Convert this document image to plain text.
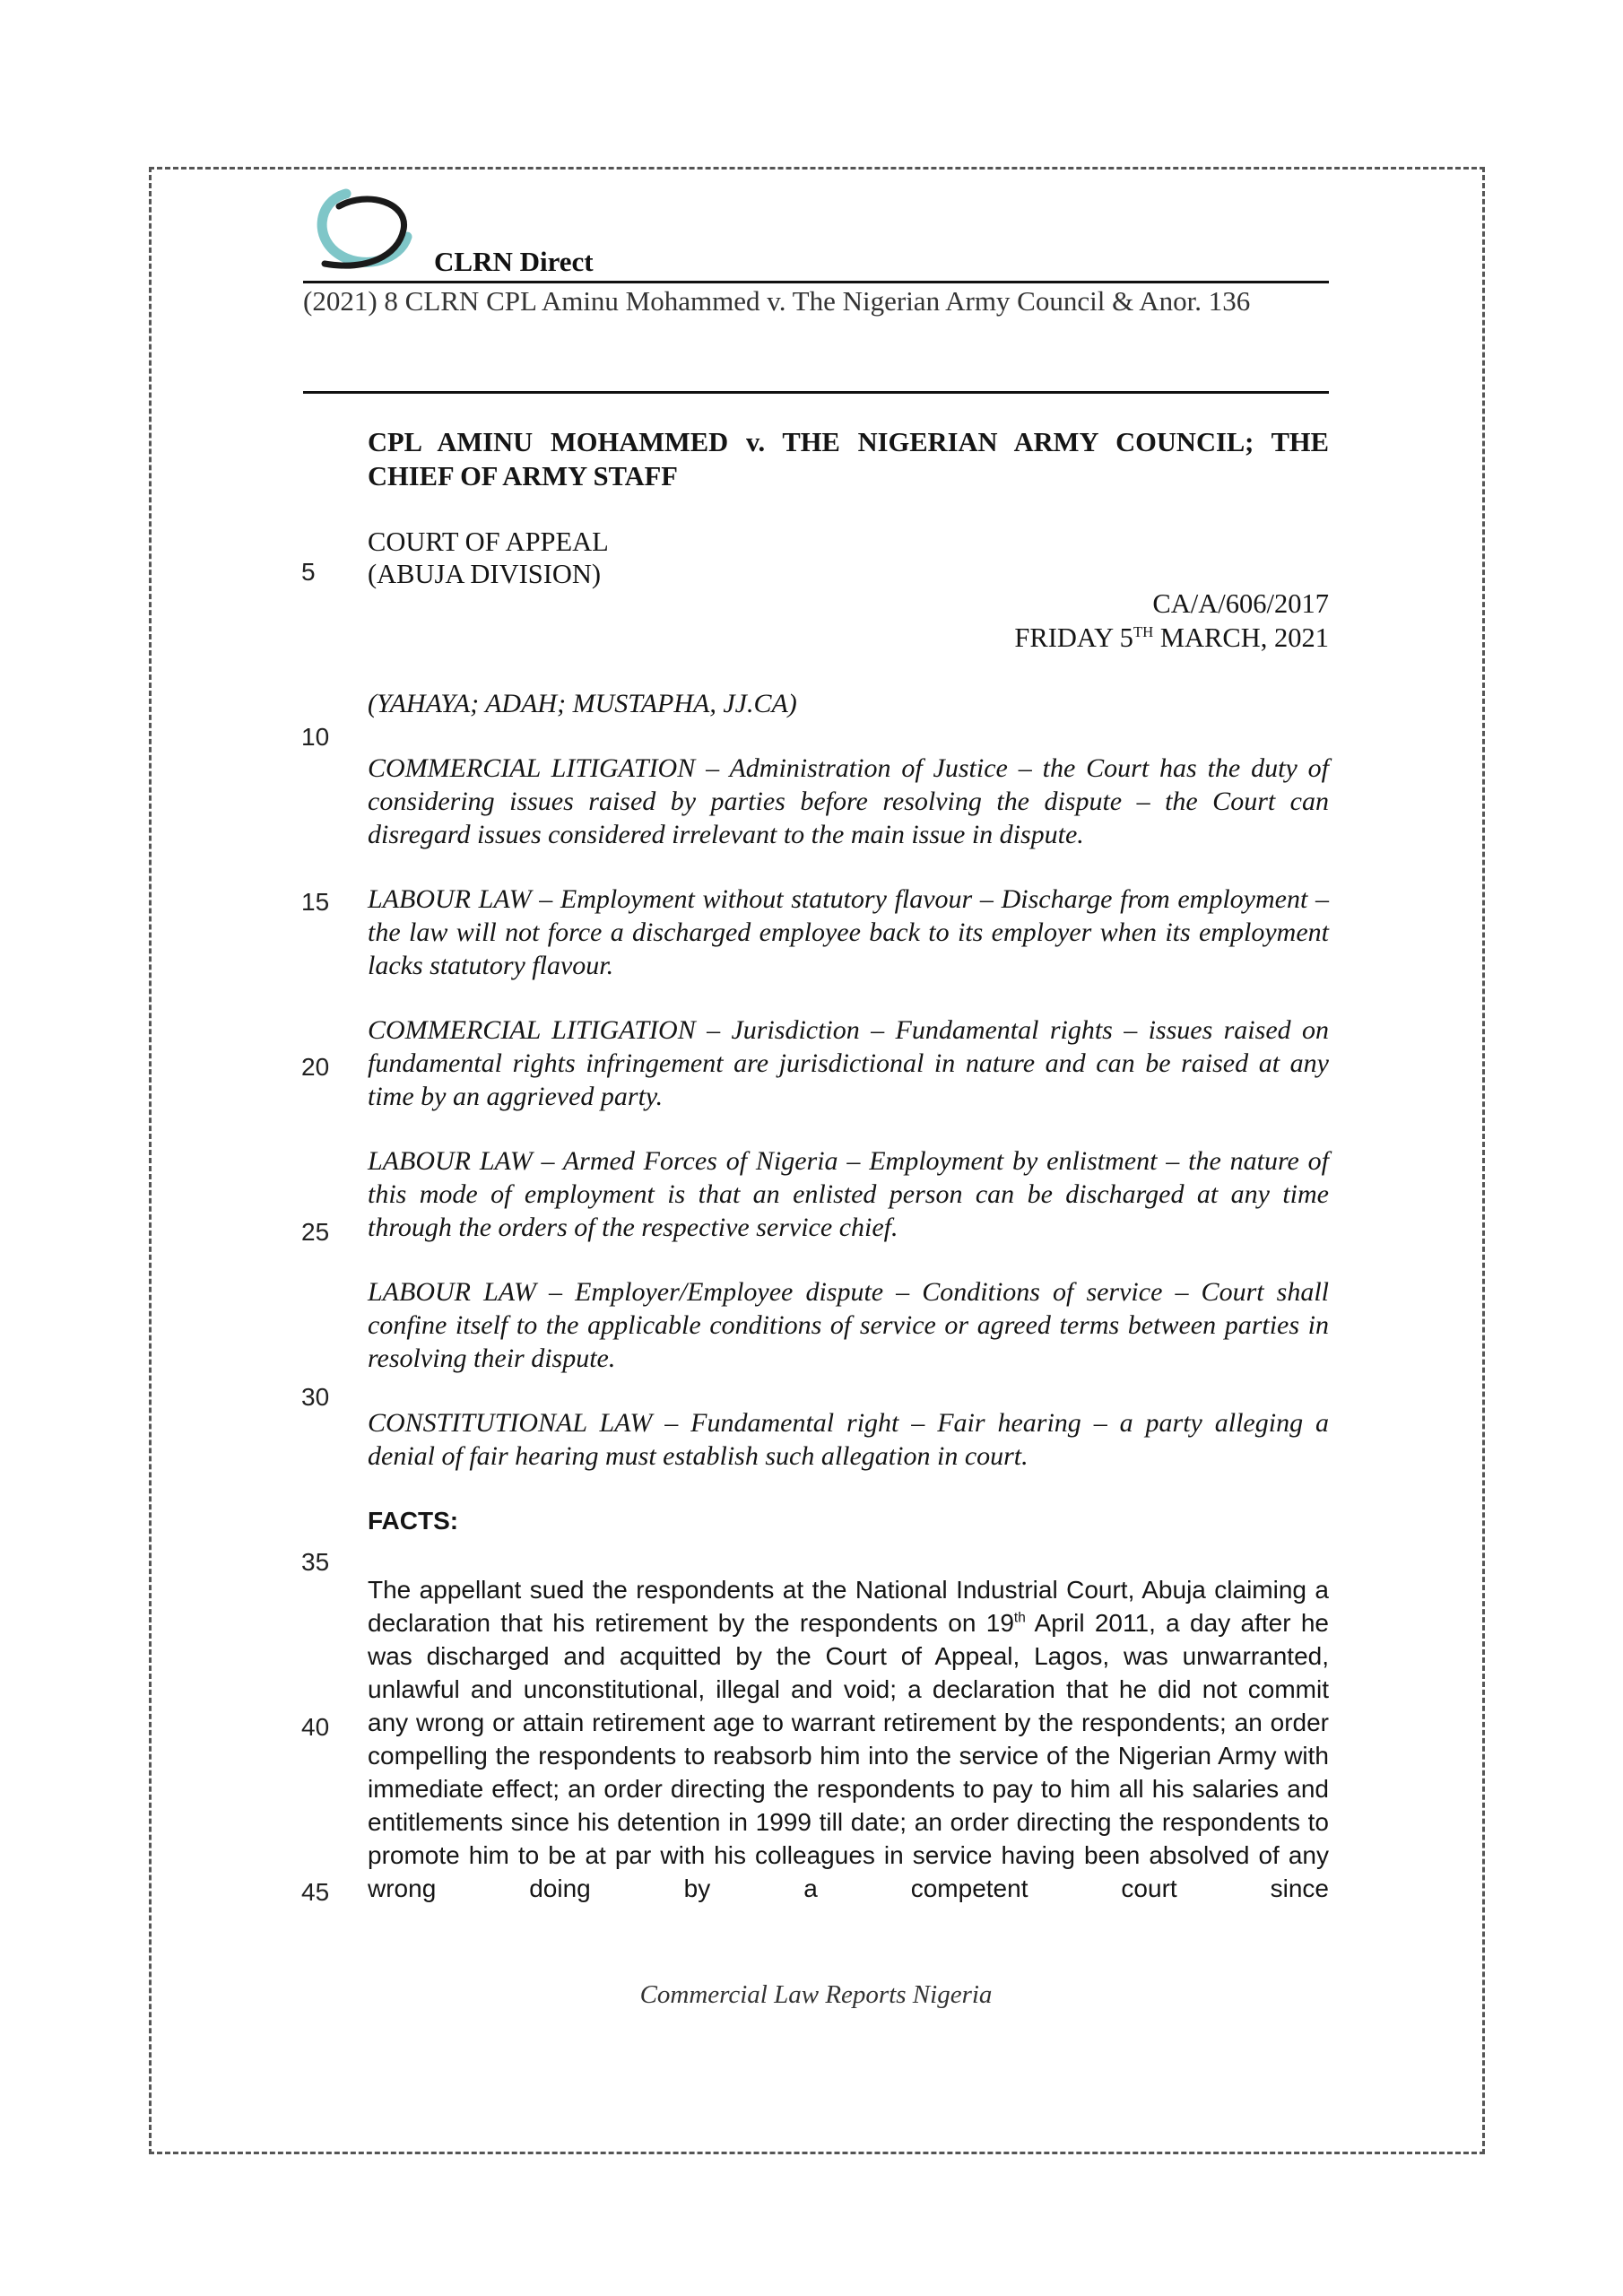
CLRN Direct
(2021) 8 CLRN CPL Aminu Mohammed v. The Nigerian Army Council & Anor. 136
5
10
15
20
25
30
35
40
45
CPL AMINU MOHAMMED v. THE NIGERIAN ARMY COUNCIL; THE CHIEF OF ARMY STAFF
COURT OF APPEAL
(ABUJA DIVISION)
CA/A/606/2017
FRIDAY 5TH MARCH, 2021
(YAHAYA; ADAH; MUSTAPHA, JJ.CA)
COMMERCIAL LITIGATION – Administration of Justice – the Court has the duty of considering issues raised by parties before resolving the dispute – the Court can disregard issues considered irrelevant to the main issue in dispute.
LABOUR LAW – Employment without statutory flavour – Discharge from employment – the law will not force a discharged employee back to its employer when its employment lacks statutory flavour.
COMMERCIAL LITIGATION – Jurisdiction – Fundamental rights – issues raised on fundamental rights infringement are jurisdictional in nature and can be raised at any time by an aggrieved party.
LABOUR LAW – Armed Forces of Nigeria – Employment by enlistment – the nature of this mode of employment is that an enlisted person can be discharged at any time through the orders of the respective service chief.
LABOUR LAW – Employer/Employee dispute – Conditions of service – Court shall confine itself to the applicable conditions of service or agreed terms between parties in resolving their dispute.
CONSTITUTIONAL LAW – Fundamental right – Fair hearing – a party alleging a denial of fair hearing must establish such allegation in court.
FACTS:
The appellant sued the respondents at the National Industrial Court, Abuja claiming a declaration that his retirement by the respondents on 19th April 2011, a day after he was discharged and acquitted by the Court of Appeal, Lagos, was unwarranted, unlawful and unconstitutional, illegal and void; a declaration that he did not commit any wrong or attain retirement age to warrant retirement by the respondents; an order compelling the respondents to reabsorb him into the service of the Nigerian Army with immediate effect; an order directing the respondents to pay to him all his salaries and entitlements since his detention in 1999 till date; an order directing the respondents to promote him to be at par with his colleagues in service having been absolved of any wrong doing by a competent court since
Commercial Law Reports Nigeria
